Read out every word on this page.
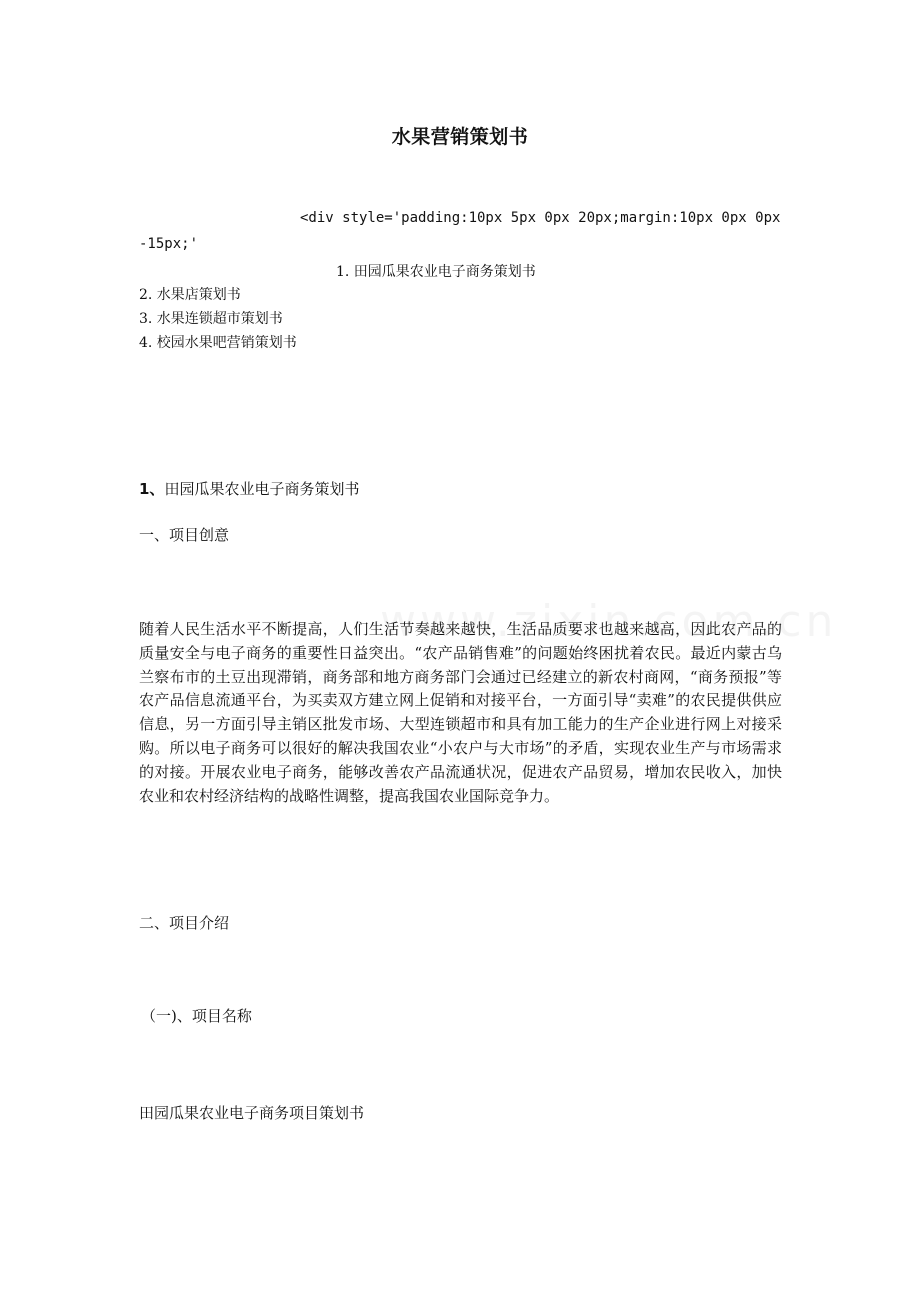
水果营销策划书
<div style='padding:10px 5px 0px 20px;margin:10px 0px 0px
-15px;'
1. 田园瓜果农业电子商务策划书
2. 水果店策划书
3. 水果连锁超市策划书
4. 校园水果吧营销策划书
1、田园瓜果农业电子商务策划书
一、项目创意

随着人民生活水平不断提高，人们生活节奏越来越快，生活品质要求也越来越高，因此农产品的质量安全与电子商务的重要性日益突出。“农产品销售难”的问题始终困扰着农民。最近内蒙古乌兰察布市的土豆出现滞销，商务部和地方商务部门会通过已经建立的新农村商网，“商务预报”等农产品信息流通平台，为买卖双方建立网上促销和对接平台，一方面引导“卖难”的农民提供供应信息，另一方面引导主销区批发市场、大型连锁超市和具有加工能力的生产企业进行网上对接采购。所以电子商务可以很好的解决我国农业“小农户与大市场”的矛盾，实现农业生产与市场需求的对接。开展农业电子商务，能够改善农产品流通状况，促进农产品贸易，增加农民收入，加快农业和农村经济结构的战略性调整，提高我国农业国际竞争力。

二、项目介绍
（一)、项目名称
田园瓜果农业电子商务项目策划书
